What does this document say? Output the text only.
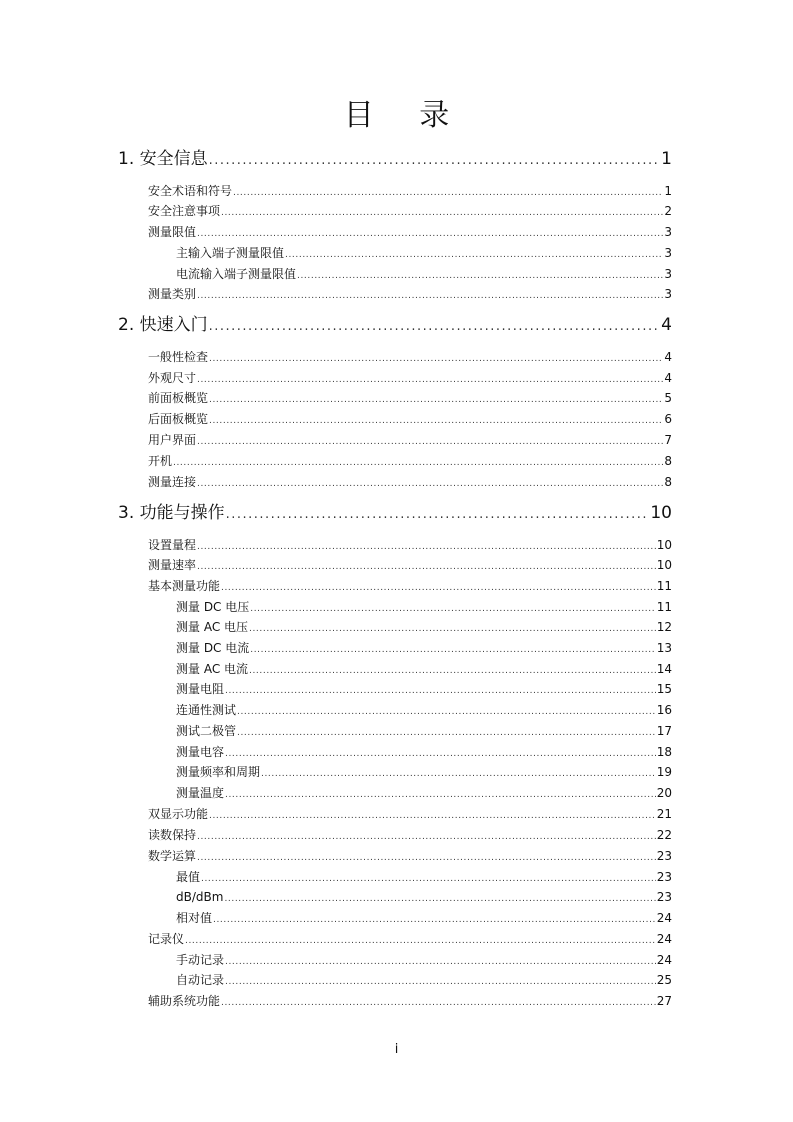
目 录
1. 安全信息 .....	1
安全术语和符号 .....	1
安全注意事项 .....	2
测量限值 .....	3
主输入端子测量限值 .....	3
电流输入端子测量限值 .....	3
测量类别 .....	3
2. 快速入门 .....	4
一般性检查 .....	4
外观尺寸 .....	4
前面板概览 .....	5
后面板概览 .....	6
用户界面 .....	7
开机 .....	8
测量连接 .....	8
3. 功能与操作 .....	10
设置量程 .....	10
测量速率 .....	10
基本测量功能 .....	11
测量 DC 电压 .....	11
测量 AC 电压 .....	12
测量 DC 电流 .....	13
测量 AC 电流 .....	14
测量电阻 .....	15
连通性测试 .....	16
测试二极管 .....	17
测量电容 .....	18
测量频率和周期 .....	19
测量温度 .....	20
双显示功能 .....	21
读数保持 .....	22
数学运算 .....	23
最值 .....	23
dB/dBm .....	23
相对值 .....	24
记录仪 .....	24
手动记录 .....	24
自动记录 .....	25
辅助系统功能 .....	27
i
